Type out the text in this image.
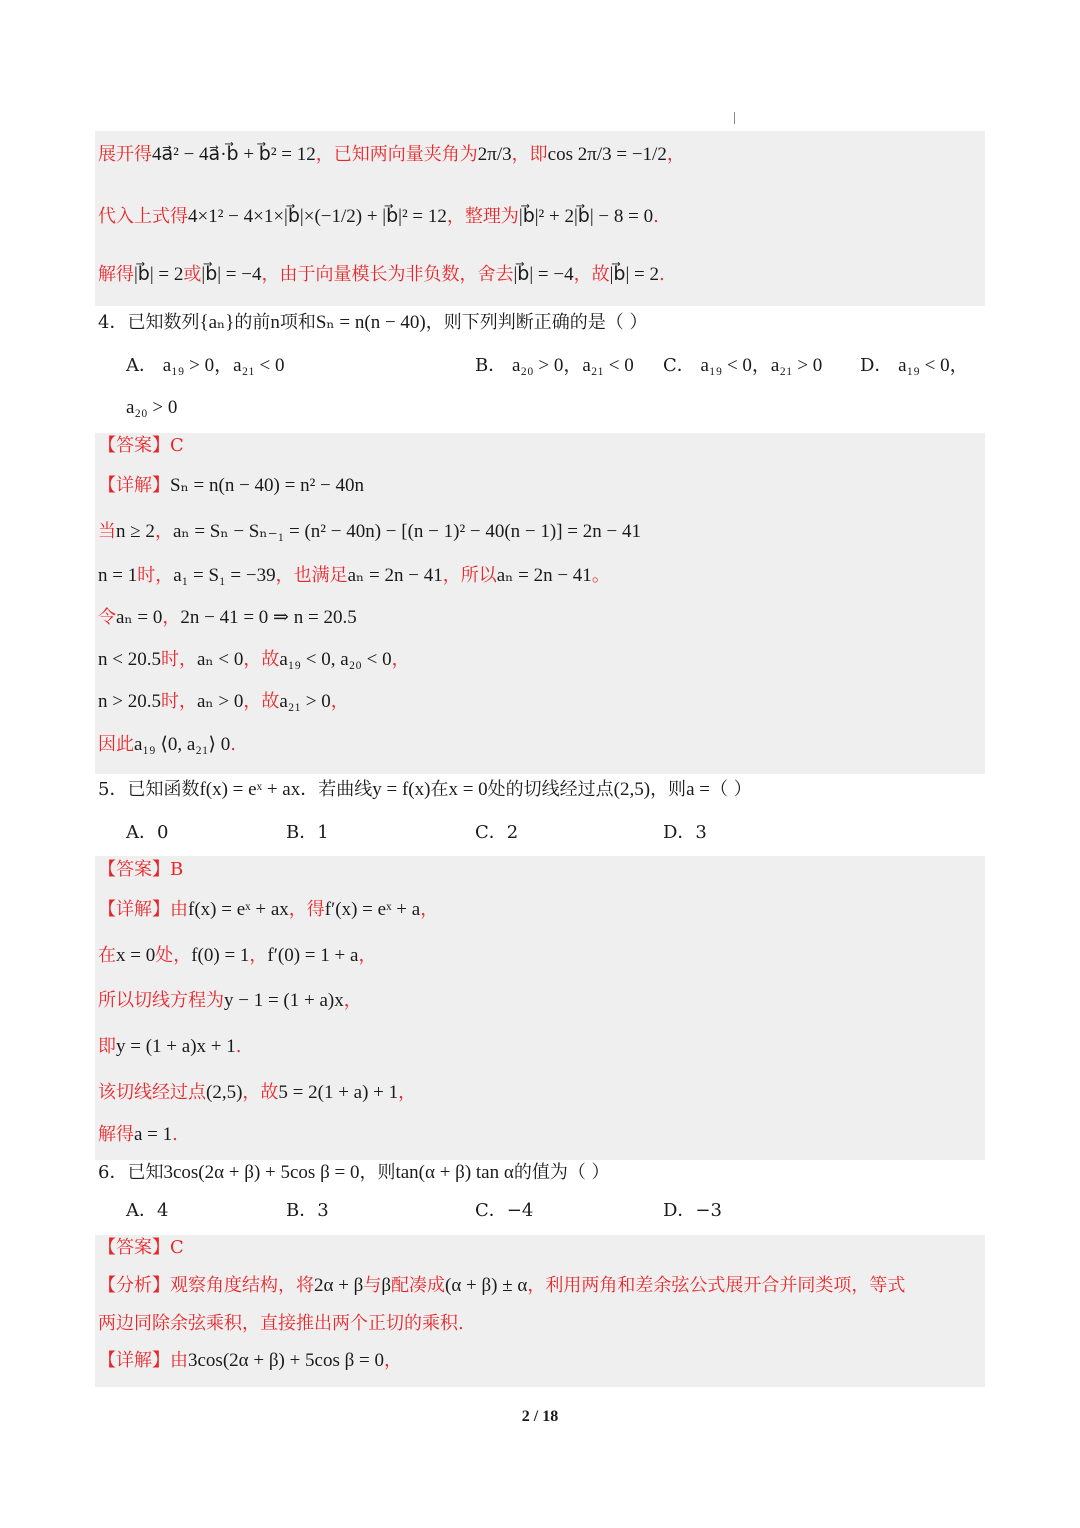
展开得4a⃗² − 4a⃗·b⃗ + b⃗² = 12，已知两向量夹角为2π/3，即cos 2π/3 = −1/2，
代入上式得4×1² − 4×1×|b⃗|×(−1/2) + |b⃗|² = 12，整理为|b⃗|² + 2|b⃗| − 8 = 0.
解得|b⃗| = 2或|b⃗| = −4，由于向量模长为非负数，舍去|b⃗| = −4，故|b⃗| = 2.
4．已知数列{aₙ}的前n项和Sₙ = n(n − 40)，则下列判断正确的是（ ）
A． a₁₉ > 0，a₂₁ < 0	B． a₂₀ > 0，a₂₁ < 0 C． a₁₉ < 0，a₂₁ > 0 D． a₁₉ < 0，
a₂₀ > 0
【答案】C
【详解】Sₙ = n(n − 40) = n² − 40n
当n ≥ 2，aₙ = Sₙ − Sₙ₋₁ = (n² − 40n) − [(n − 1)² − 40(n − 1)] = 2n − 41
n = 1时，a₁ = S₁ = −39，也满足aₙ = 2n − 41，所以aₙ = 2n − 41。
令aₙ = 0，2n − 41 = 0 ⇒ n = 20.5
n < 20.5时，aₙ < 0，故a₁₉ < 0, a₂₀ < 0，
n > 20.5时，aₙ > 0，故a₂₁ > 0，
因此a₁₉ ⟨0, a₂₁⟩ 0.
5．已知函数f(x) = eˣ + ax．若曲线y = f(x)在x = 0处的切线经过点(2,5)，则a =（ ）
A．0	B．1	C．2	D．3
【答案】B
【详解】由f(x) = eˣ + ax，得f′(x) = eˣ + a，
在x = 0处，f(0) = 1，f′(0) = 1 + a，
所以切线方程为y − 1 = (1 + a)x，
即y = (1 + a)x + 1.
该切线经过点(2,5)，故5 = 2(1 + a) + 1，
解得a = 1.
6．已知3cos(2α + β) + 5cos β = 0，则tan(α + β) tan α的值为（ ）
A．4	B．3	C．−4	D．−3
【答案】C
【分析】观察角度结构，将2α + β与β配凑成(α + β) ± α，利用两角和差余弦公式展开合并同类项，等式
两边同除余弦乘积，直接推出两个正切的乘积.
【详解】由3cos(2α + β) + 5cos β = 0，
2 / 18
